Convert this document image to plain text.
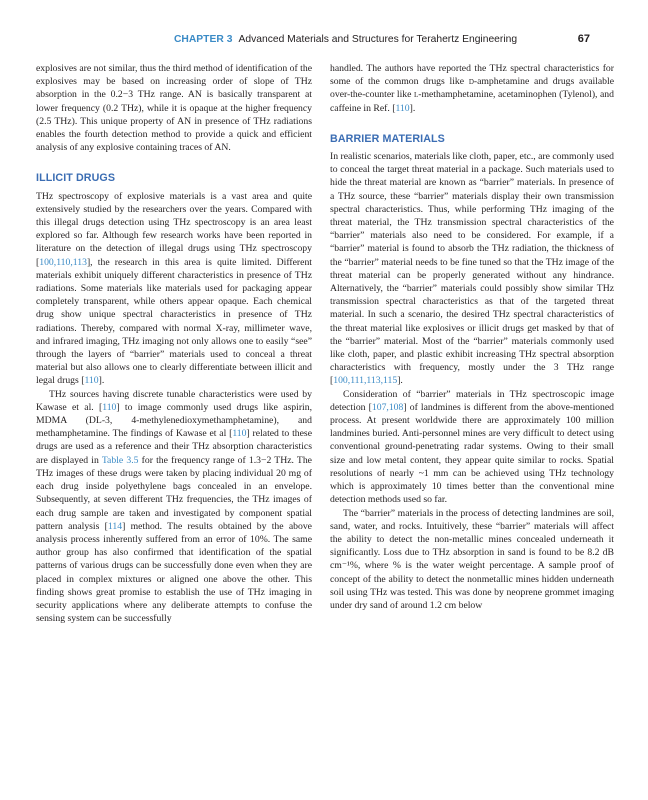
CHAPTER 3 Advanced Materials and Structures for Terahertz Engineering	67

explosives are not similar, thus the third method of identification of the explosives may be based on increasing order of slope of THz absorption in the 0.2−3 THz range. AN is basically transparent at lower frequency (0.2 THz), while it is opaque at the higher frequency (2.5 THz). This unique property of AN in presence of THz radiations enables the fourth detection method to provide a quick and efficient analysis of any explosive containing traces of AN.

ILLICIT DRUGS

THz spectroscopy of explosive materials is a vast area and quite extensively studied by the researchers over the years. Compared with this illegal drugs detection using THz spectroscopy is an area least explored so far. Although few research works have been reported in literature on the detection of illegal drugs using THz spectroscopy [100,110,113], the research in this area is quite limited. Different materials exhibit uniquely different characteristics in presence of THz radiations. Some materials like materials used for packaging appear completely transparent, while others appear opaque. Each chemical drug show unique spectral characteristics in presence of THz radiations. Thereby, compared with normal X-ray, millimeter wave, and infrared imaging, THz imaging not only allows one to easily “see” through the layers of “barrier” materials used to conceal a threat material but also allows one to clearly differentiate between illicit and legal drugs [110].

THz sources having discrete tunable characteristics were used by Kawase et al. [110] to image commonly used drugs like aspirin, MDMA (DL-3, 4-methylenedioxymethamphetamine), and methamphetamine. The findings of Kawase et al [110] related to these drugs are used as a reference and their THz absorption characteristics are displayed in Table 3.5 for the frequency range of 1.3−2 THz. The THz images of these drugs were taken by placing individual 20 mg of each drug inside polyethylene bags concealed in an envelope. Subsequently, at seven different THz frequencies, the THz images of each drug sample are taken and investigated by component spatial pattern analysis [114] method. The results obtained by the above analysis process inherently suffered from an error of 10%. The same author group has also confirmed that identification of the spatial patterns of various drugs can be successfully done even when they are placed in complex mixtures or aligned one above the other. This finding shows great promise to establish the use of THz imaging in security applications where any deliberate attempts to confuse the sensing system can be successfully

handled. The authors have reported the THz spectral characteristics for some of the common drugs like d-amphetamine and drugs available over-the-counter like l-methamphetamine, acetaminophen (Tylenol), and caffeine in Ref. [110].

BARRIER MATERIALS

In realistic scenarios, materials like cloth, paper, etc., are commonly used to conceal the target threat material in a package. Such materials used to hide the threat material are known as “barrier” materials. In presence of a THz source, these “barrier” materials display their own transmission spectral characteristics. Thus, while performing THz imaging of the threat material, the THz transmission spectral characteristics of the “barrier” materials also need to be considered. For example, if a “barrier” material is found to absorb the THz radiation, the thickness of the “barrier” material needs to be fine tuned so that the THz image of the threat material can be properly generated without any hindrance. Alternatively, the “barrier” materials could possibly show similar THz transmission spectral characteristics as that of the targeted threat material. In such a scenario, the desired THz spectral characteristics of the threat material like explosives or illicit drugs get masked by that of the “barrier” material. Most of the “barrier” materials commonly used like cloth, paper, and plastic exhibit increasing THz spectral absorption characteristics with frequency, mostly under the 3 THz range [100,111,113,115].

Consideration of “barrier” materials in THz spectroscopic image detection [107,108] of landmines is different from the above-mentioned process. At present worldwide there are approximately 100 million landmines buried. Anti-personnel mines are very difficult to detect using conventional ground-penetrating radar systems. Owing to their small size and low metal content, they appear quite similar to rocks. Spatial resolutions of nearly ~1 mm can be achieved using THz technology which is approximately 10 times better than the conventional mine detection methods used so far.

The “barrier” materials in the process of detecting landmines are soil, sand, water, and rocks. Intuitively, these “barrier” materials will affect the ability to detect the non-metallic mines concealed underneath it significantly. Loss due to THz absorption in sand is found to be 8.2 dB cm⁻¹%, where % is the water weight percentage. A sample proof of concept of the ability to detect the nonmetallic mines hidden underneath soil using THz was tested. This was done by neoprene grommet imaging under dry sand of around 1.2 cm below
